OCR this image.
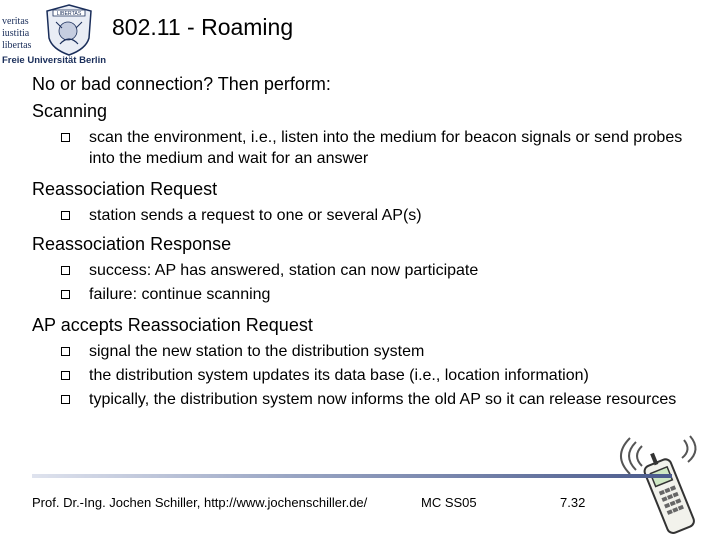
veritas
iustitia
libertas
LIBERTAS
Freie Universität Berlin
802.11 - Roaming
No or bad connection? Then perform:
Scanning
scan the environment, i.e., listen into the medium for beacon signals or send probes into the medium and wait for an answer
Reassociation Request
station sends a request to one or several AP(s)
Reassociation Response
success: AP has answered, station can now participate
failure: continue scanning
AP accepts Reassociation Request
signal the new station to the distribution system
the distribution system updates its data base (i.e., location information)
typically, the distribution system now informs the old AP so it can release resources
Prof. Dr.-Ing. Jochen Schiller, http://www.jochenschiller.de/	MC SS05	7.32
